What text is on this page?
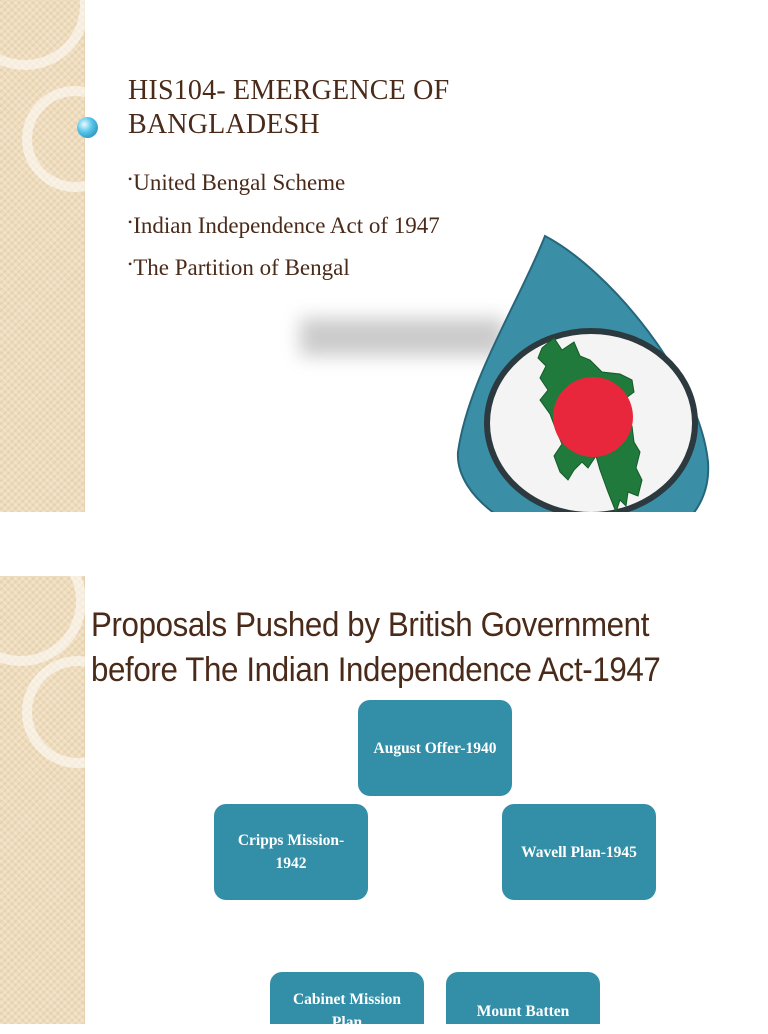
HIS104- EMERGENCE OF
BANGLADESH
• United Bengal Scheme
• Indian Independence Act of 1947
• The Partition of Bengal
Proposals Pushed by British Government
before The Indian Independence Act-1947
August Offer-1940
Cripps Mission-1942
Wavell Plan-1945
Cabinet Mission Plan
Mount Batten
